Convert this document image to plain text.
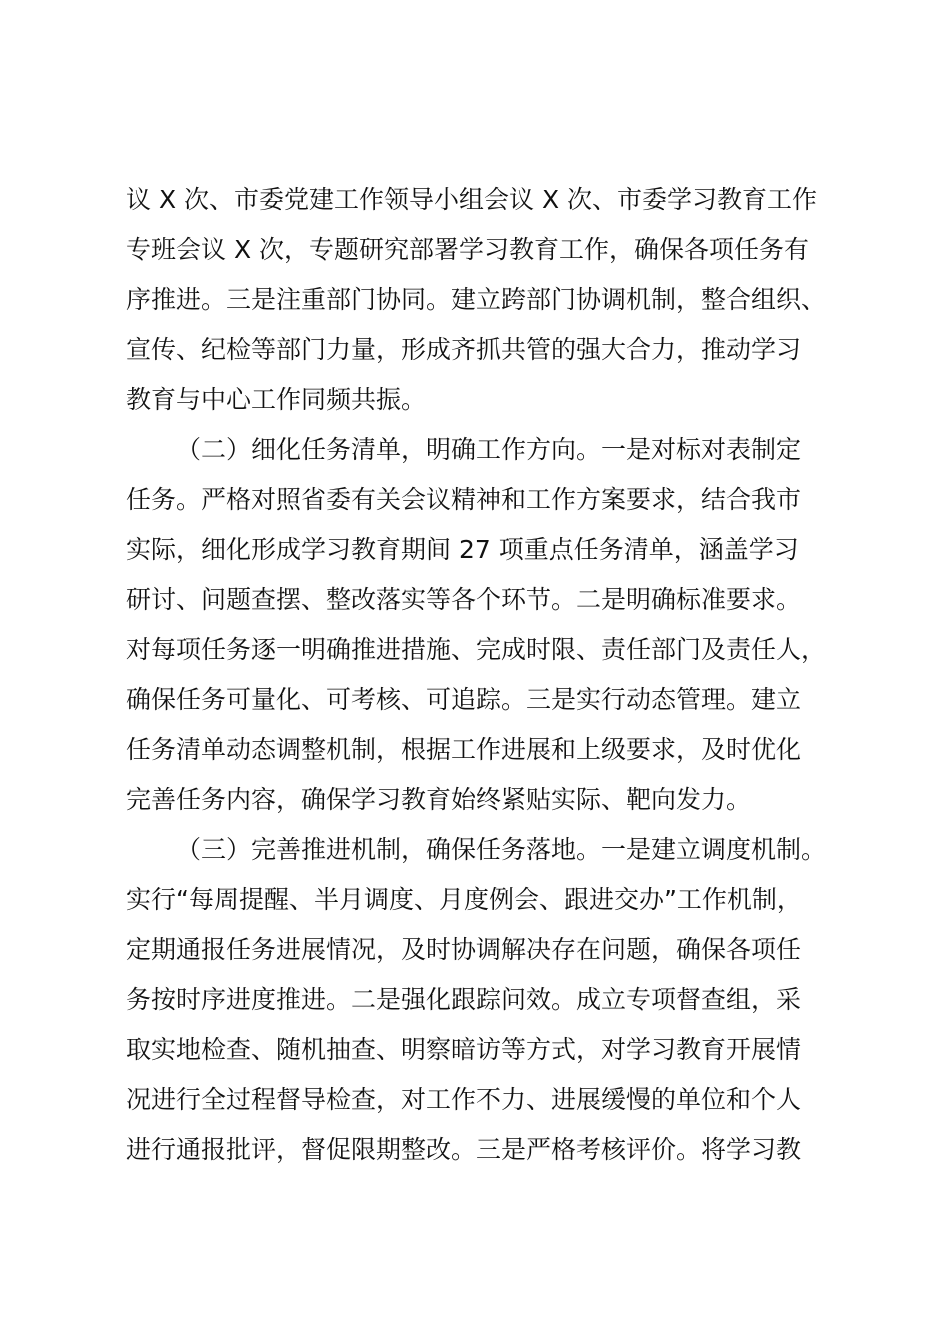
议 X 次、市委党建工作领导小组会议 X 次、市委学习教育工作
专班会议 X 次，专题研究部署学习教育工作，确保各项任务有
序推进。三是注重部门协同。建立跨部门协调机制，整合组织、
宣传、纪检等部门力量，形成齐抓共管的强大合力，推动学习
教育与中心工作同频共振。
（二）细化任务清单，明确工作方向。一是对标对表制定
任务。严格对照省委有关会议精神和工作方案要求，结合我市
实际，细化形成学习教育期间 27 项重点任务清单，涵盖学习
研讨、问题查摆、整改落实等各个环节。二是明确标准要求。
对每项任务逐一明确推进措施、完成时限、责任部门及责任人，
确保任务可量化、可考核、可追踪。三是实行动态管理。建立
任务清单动态调整机制，根据工作进展和上级要求，及时优化
完善任务内容，确保学习教育始终紧贴实际、靶向发力。
（三）完善推进机制，确保任务落地。一是建立调度机制。
实行“每周提醒、半月调度、月度例会、跟进交办”工作机制，
定期通报任务进展情况，及时协调解决存在问题，确保各项任
务按时序进度推进。二是强化跟踪问效。成立专项督查组，采
取实地检查、随机抽查、明察暗访等方式，对学习教育开展情
况进行全过程督导检查，对工作不力、进展缓慢的单位和个人
进行通报批评，督促限期整改。三是严格考核评价。将学习教
